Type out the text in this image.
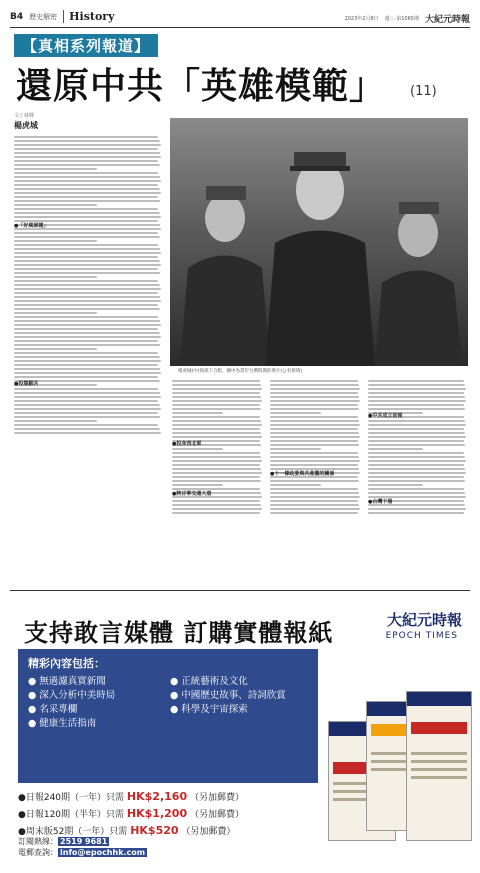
B4 歷史解密	History	2023年2月8日 週三·第1065期 大紀元時報
【真相系列報道】
還原中共「英雄模範」 (11)
文 / 林輝
楊虎城
楊虎城(中)與部下合影，圖中為當年台灣時期的照片(公有領域)
●「好風軍閥」
●投靠蘇共
●投身西北軍
●陝甘寧交通大道
●十一條政委與共產黨的關係
●中共成立前後
●台灣下場
支持敢言媒體 訂購實體報紙	大紀元時報
EPOCH TIMES
精彩內容包括：
● 無過濾真實新聞
● 深入分析中美時局
● 名采專欄
● 健康生活指南
● 正統藝術及文化
● 中國歷史故事、詩詞欣賞
● 科學及宇宙探索
●日報240期（一年）只需 HK$2,160 （另加郵費）
●日報120期（半年）只需 HK$1,200 （另加郵費）
●周末版52期（一年）只需 HK$520 （另加郵費）
訂閱熱線： 2519 9681
電郵查詢： info@epochhk.com
